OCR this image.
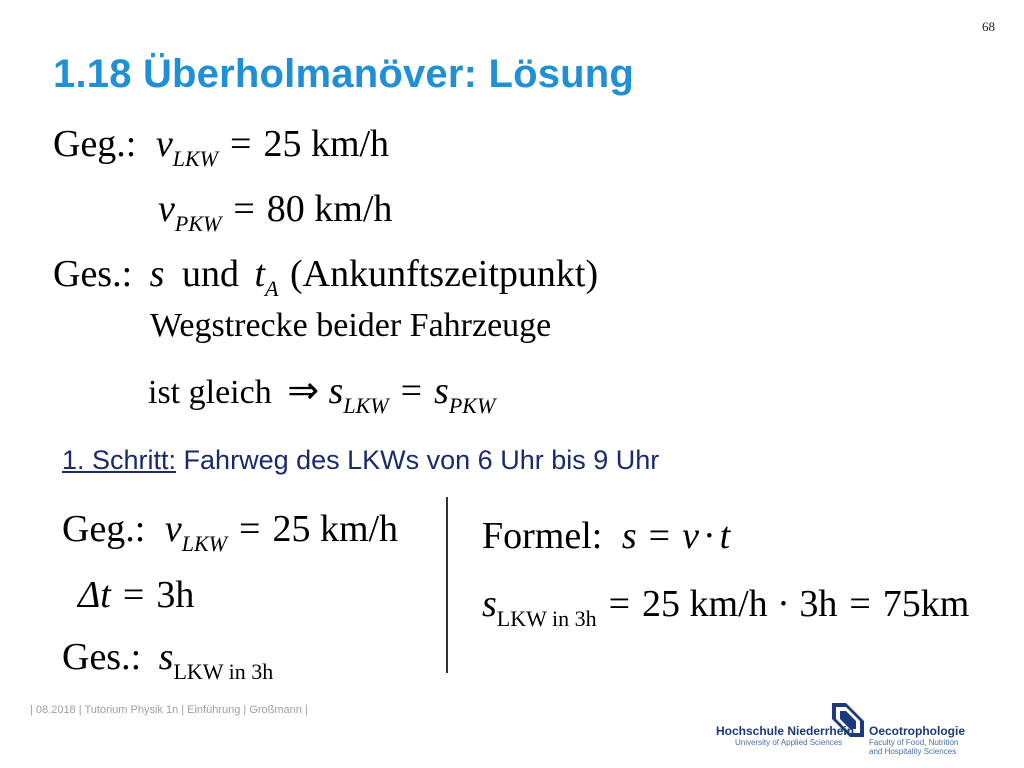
68
1.18 Überholmanöver: Lösung
Geg.: $v_{LKW} = 25$ km/h
$v_{PKW} = 80$ km/h
Ges.: s und $t_A$ (Ankunftszeitpunkt)
Wegstrecke beider Fahrzeuge
ist gleich ⇒ $s_{LKW} = s_{PKW}$
1. Schritt: Fahrweg des LKWs von 6 Uhr bis 9 Uhr
Geg.: $v_{LKW} = 25$ km/h
Δt = 3h
Ges.: $s_{LKW in 3h}$
Formel: s = v · t
$s_{LKW in 3h} = 25$ km/h · 3h = 75km
| 08.2018 | Tutorium Physik 1n | Einführung | Großmann |
Hochschule Niederrhein
University of Applied Sciences
Oecotrophologie
Faculty of Food, Nutrition
and Hospitality Sciences
